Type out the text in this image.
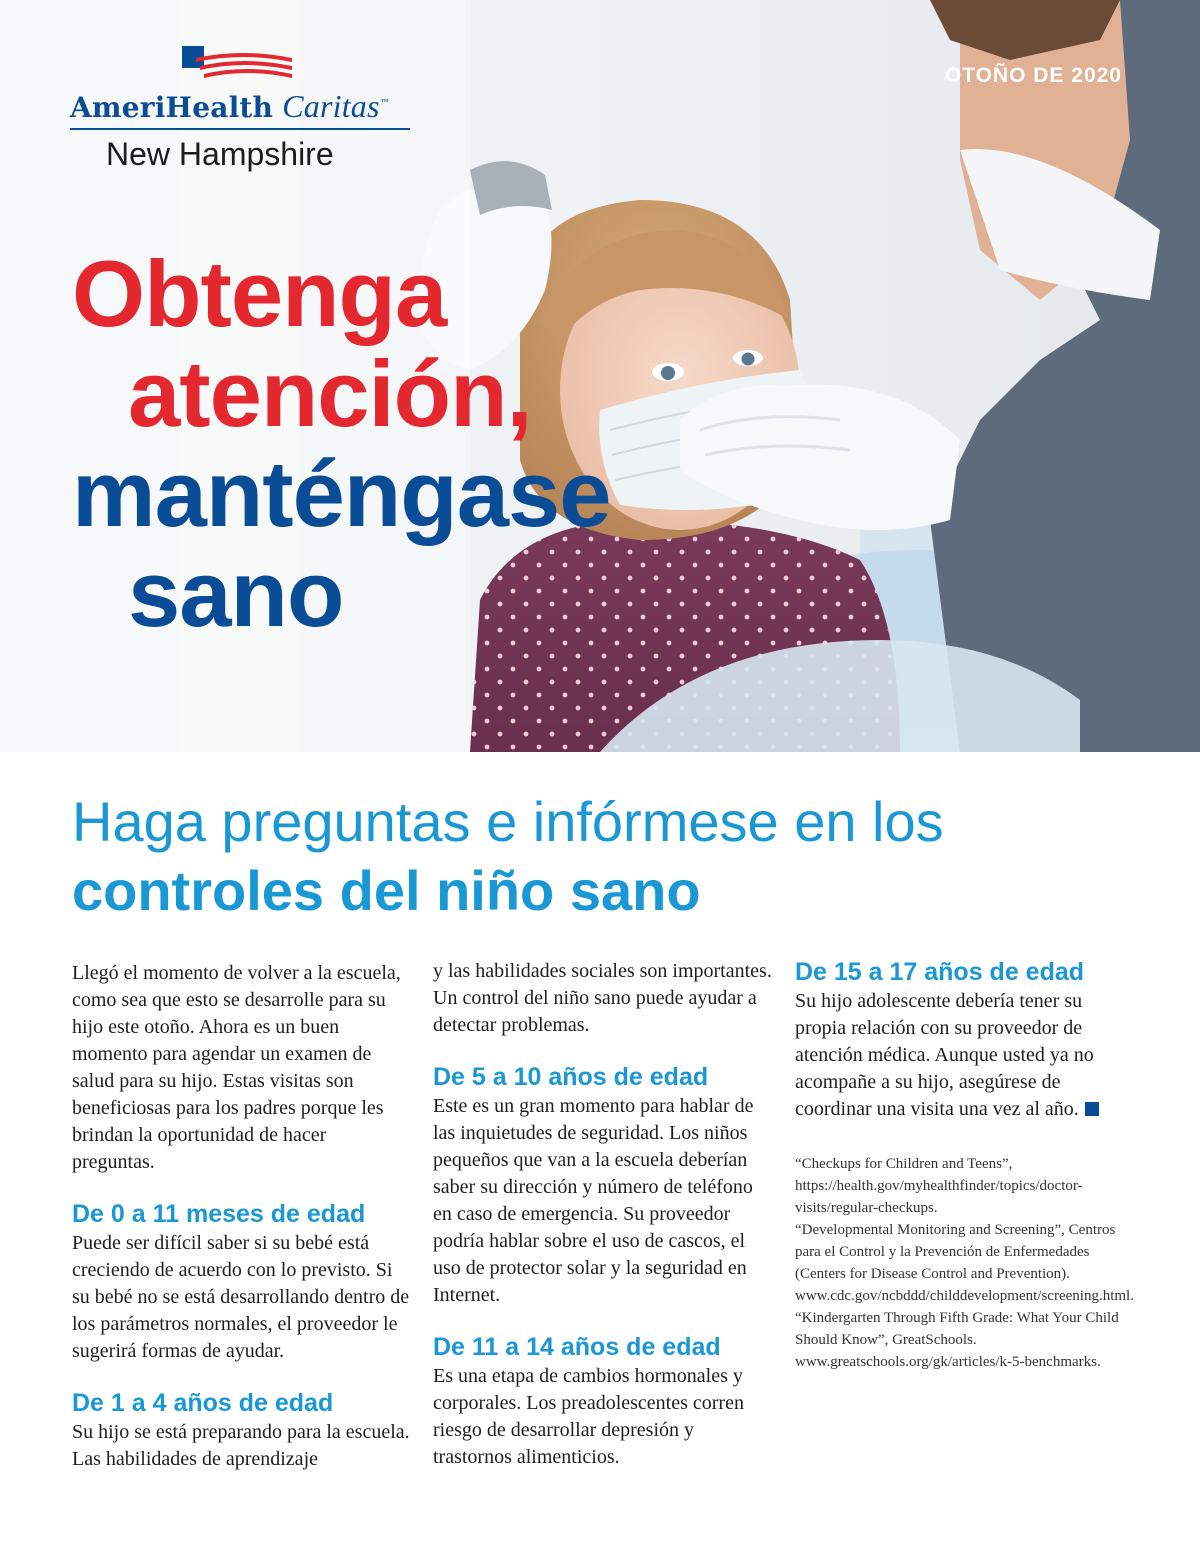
AmeriHealth Caritas™
New Hampshire
OTOÑO DE 2020
Obtenga
atención,
manténgase
sano
Haga preguntas e infórmese en los
controles del niño sano

Llegó el momento de volver a la escuela, como sea que esto se desarrolle para su hijo este otoño. Ahora es un buen momento para agendar un examen de salud para su hijo. Estas visitas son beneficiosas para los padres porque les brindan la oportunidad de hacer preguntas.

De 0 a 11 meses de edad

Puede ser difícil saber si su bebé está creciendo de acuerdo con lo previsto. Si su bebé no se está desarrollando dentro de los parámetros normales, el proveedor le sugerirá formas de ayudar.

De 1 a 4 años de edad

Su hijo se está preparando para la escuela. Las habilidades de aprendizaje

y las habilidades sociales son importantes. Un control del niño sano puede ayudar a detectar problemas.

De 5 a 10 años de edad

Este es un gran momento para hablar de las inquietudes de seguridad. Los niños pequeños que van a la escuela deberían saber su dirección y número de teléfono en caso de emergencia. Su proveedor podría hablar sobre el uso de cascos, el uso de protector solar y la seguridad en Internet.

De 11 a 14 años de edad

Es una etapa de cambios hormonales y corporales. Los preadolescentes corren riesgo de desarrollar depresión y trastornos alimenticios.

De 15 a 17 años de edad

Su hijo adolescente debería tener su propia relación con su proveedor de atención médica. Aunque usted ya no acompañe a su hijo, asegúrese de coordinar una visita una vez al año.

“Checkups for Children and Teens”, https://health.gov/myhealthfinder/topics/doctor-visits/regular-checkups.

“Developmental Monitoring and Screening”, Centros para el Control y la Prevención de Enfermedades (Centers for Disease Control and Prevention). www.cdc.gov/ncbddd/childdevelopment/screening.html.

“Kindergarten Through Fifth Grade: What Your Child Should Know”, GreatSchools. www.greatschools.org/gk/articles/k-5-benchmarks.
